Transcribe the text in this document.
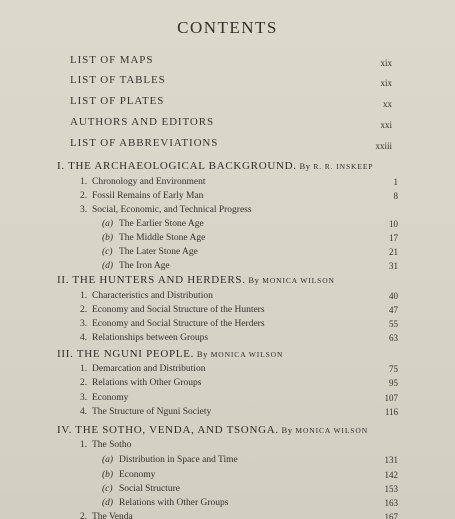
CONTENTS
LIST OF MAPS	xix
LIST OF TABLES	xix
LIST OF PLATES	xx
AUTHORS AND EDITORS	xxi
LIST OF ABBREVIATIONS	xxiii
I. THE ARCHAEOLOGICAL BACKGROUND. By R. R. INSKEEP
1.Chronology and Environment	1
2.Fossil Remains of Early Man	8
3.Social, Economic, and Technical Progress
(a)The Earlier Stone Age	10
(b)The Middle Stone Age	17
(c)The Later Stone Age	21
(d)The Iron Age	31
II. THE HUNTERS AND HERDERS. By MONICA WILSON
1.Characteristics and Distribution	40
2.Economy and Social Structure of the Hunters	47
3.Economy and Social Structure of the Herders	55
4.Relationships between Groups	63
III. THE NGUNI PEOPLE. By MONICA WILSON
1.Demarcation and Distribution	75
2.Relations with Other Groups	95
3.Economy	107
4.The Structure of Nguni Society	116
IV. THE SOTHO, VENDA, AND TSONGA. By MONICA WILSON
1.The Sotho
(a)Distribution in Space and Time	131
(b)Economy	142
(c)Social Structure	153
(d)Relations with Other Groups	163
2.The Venda	167
